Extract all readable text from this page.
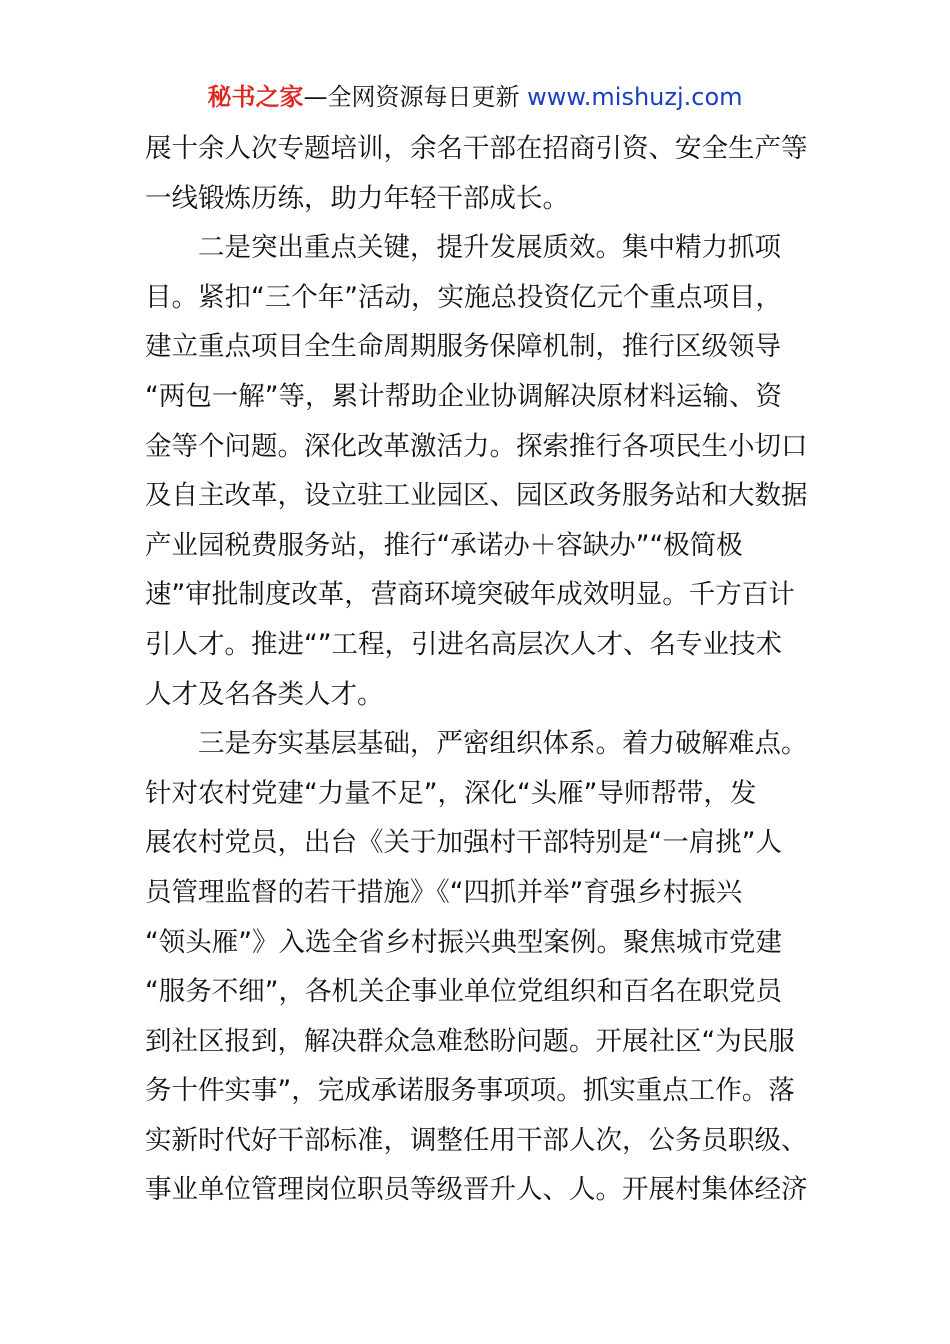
秘书之家—全网资源每日更新 www.mishuzj.com
展十余人次专题培训，余名干部在招商引资、安全生产等
一线锻炼历练，助力年轻干部成长。
二是突出重点关键，提升发展质效。集中精力抓项
目。紧扣“三个年”活动，实施总投资亿元个重点项目，
建立重点项目全生命周期服务保障机制，推行区级领导
“两包一解”等，累计帮助企业协调解决原材料运输、资
金等个问题。深化改革激活力。探索推行各项民生小切口
及自主改革，设立驻工业园区、园区政务服务站和大数据
产业园税费服务站，推行“承诺办＋容缺办”“极简极
速”审批制度改革，营商环境突破年成效明显。千方百计
引人才。推进“”工程，引进名高层次人才、名专业技术
人才及名各类人才。
三是夯实基层基础，严密组织体系。着力破解难点。
针对农村党建“力量不足”，深化“头雁”导师帮带，发
展农村党员，出台《关于加强村干部特别是“一肩挑”人
员管理监督的若干措施》《“四抓并举”育强乡村振兴
“领头雁”》入选全省乡村振兴典型案例。聚焦城市党建
“服务不细”，各机关企事业单位党组织和百名在职党员
到社区报到，解决群众急难愁盼问题。开展社区“为民服
务十件实事”，完成承诺服务事项项。抓实重点工作。落
实新时代好干部标准，调整任用干部人次，公务员职级、
事业单位管理岗位职员等级晋升人、人。开展村集体经济
